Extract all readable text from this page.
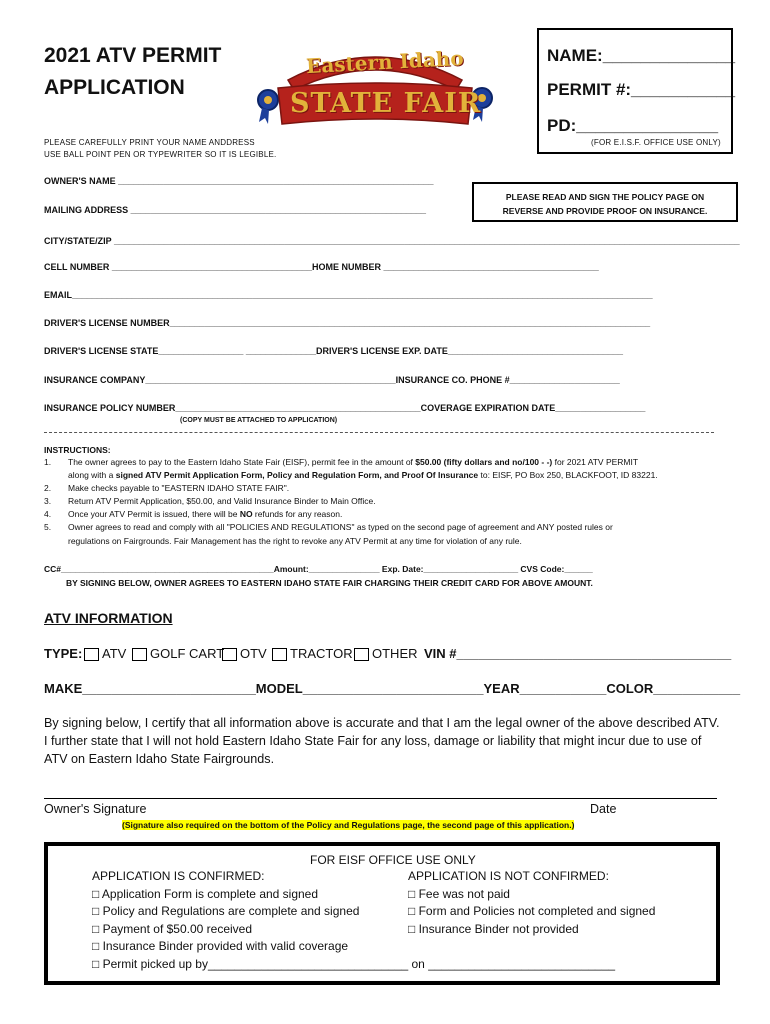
2021 ATV PERMIT
APPLICATION
Eastern Idaho
STATE FAIR
NAME:______________
PERMIT #:___________
PD:_______________
(FOR E.I.S.F. OFFICE USE ONLY)
PLEASE CAREFULLY PRINT YOUR NAME ANDDRESS
USE BALL POINT PEN OR TYPEWRITER SO IT IS LEGIBLE.
PLEASE READ AND SIGN THE POLICY PAGE ON
REVERSE AND PROVIDE PROOF ON INSURANCE.
OWNER'S NAME _______________________________________________________________
MAILING ADDRESS ___________________________________________________________
CITY/STATE/ZIP _____________________________________________________________________________________________________________________________
CELL NUMBER ________________________________________HOME NUMBER ___________________________________________
EMAIL____________________________________________________________________________________________________________________
DRIVER'S LICENSE NUMBER________________________________________________________________________________________________
DRIVER'S LICENSE STATE_________________ ______________DRIVER'S LICENSE EXP. DATE___________________________________
INSURANCE COMPANY__________________________________________________INSURANCE CO. PHONE #______________________
INSURANCE POLICY NUMBER_________________________________________________COVERAGE EXPIRATION DATE__________________
(COPY MUST BE ATTACHED TO APPLICATION)
INSTRUCTIONS:
1. The owner agrees to pay to the Eastern Idaho State Fair (EISF), permit fee in the amount of $50.00 (fifty dollars and no/100 - -) for 2021 ATV PERMIT
along with a signed ATV Permit Application Form, Policy and Regulation Form, and Proof Of Insurance to: EISF, PO Box 250, BLACKFOOT, ID 83221.
2. Make checks payable to "EASTERN IDAHO STATE FAIR".
3. Return ATV Permit Application, $50.00, and Valid Insurance Binder to Main Office.
4. Once your ATV Permit is issued, there will be NO refunds for any reason.
5. Owner agrees to read and comply with all "POLICIES AND REGULATIONS" as typed on the second page of agreement and ANY posted rules or
regulations on Fairgrounds. Fair Management has the right to revoke any ATV Permit at any time for violation of any rule.
CC#_____________________________________________Amount:_______________ Exp. Date:____________________ CVS Code:______
BY SIGNING BELOW, OWNER AGREES TO EASTERN IDAHO STATE FAIR CHARGING THEIR CREDIT CARD FOR ABOVE AMOUNT.
ATV INFORMATION
TYPE:	ATV	GOLF CART	OTV	TRACTOR	OTHER VIN #______________________________________
MAKE________________________MODEL_________________________YEAR____________COLOR____________
By signing below, I certify that all information above is accurate and that I am the legal owner of the above described ATV. I further state that I will not hold Eastern Idaho State Fair for any loss, damage or liability that might incur due to use of ATV on Eastern Idaho State Fairgrounds.
Owner's Signature	Date
(Signature also required on the bottom of the Policy and Regulations page, the second page of this application.)
FOR EISF OFFICE USE ONLY
APPLICATION IS CONFIRMED:
□ Application Form is complete and signed
□ Policy and Regulations are complete and signed
□ Payment of $50.00 received
□ Insurance Binder provided with valid coverage
□ Permit picked up by______________________________ on ____________________________
APPLICATION IS NOT CONFIRMED:
□ Fee was not paid
□ Form and Policies not completed and signed
□ Insurance Binder not provided
